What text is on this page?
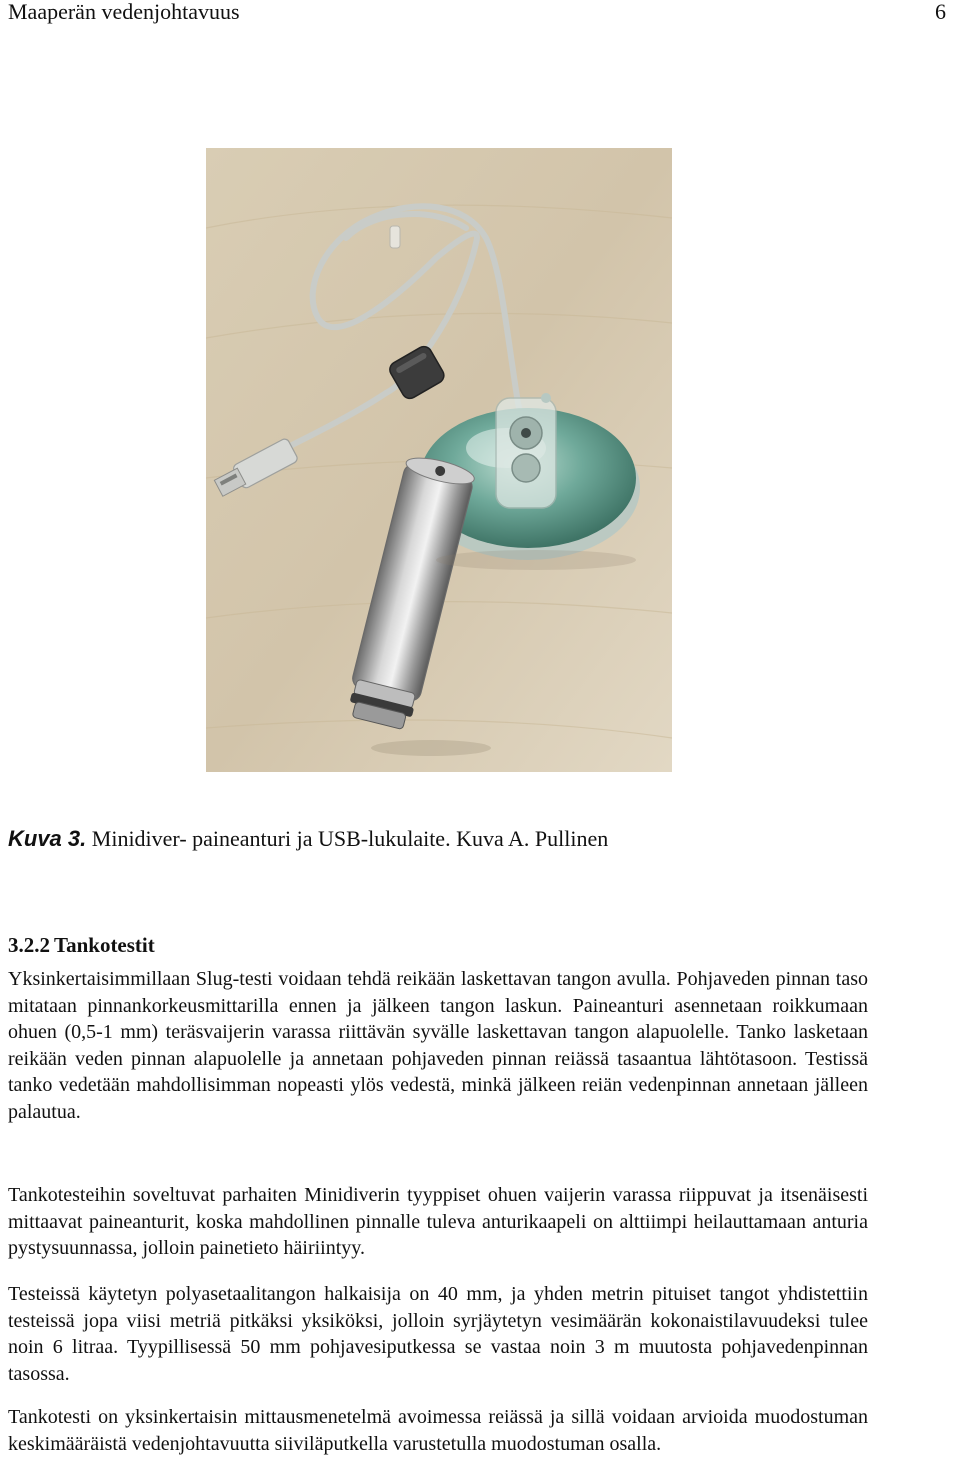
Maaperän vedenjohtavuus	6
Kuva 3. Minidiver- paineanturi ja USB-lukulaite. Kuva A. Pullinen
3.2.2 Tankotestit

Yksinkertaisimmillaan Slug-testi voidaan tehdä reikään laskettavan tangon avulla. Pohjaveden pinnan taso mitataan pinnankorkeusmittarilla ennen ja jälkeen tangon laskun. Paineanturi asennetaan roikkumaan ohuen (0,5-1 mm) teräsvaijerin varassa riittävän syvälle laskettavan tangon alapuolelle. Tanko lasketaan reikään veden pinnan alapuolelle ja annetaan pohjaveden pinnan reiässä tasaantua lähtötasoon. Testissä tanko vedetään mahdollisimman nopeasti ylös vedestä, minkä jälkeen reiän vedenpinnan annetaan jälleen palautua.

Tankotesteihin soveltuvat parhaiten Minidiverin tyyppiset ohuen vaijerin varassa riippuvat ja itsenäisesti mittaavat paineanturit, koska mahdollinen pinnalle tuleva anturikaapeli on alttiimpi heilauttamaan anturia pystysuunnassa, jolloin painetieto häiriintyy.

Testeissä käytetyn polyasetaalitangon halkaisija on 40 mm, ja yhden metrin pituiset tangot yhdistettiin testeissä jopa viisi metriä pitkäksi yksiköksi, jolloin syrjäytetyn vesimäärän kokonaistilavuudeksi tulee noin 6 litraa. Tyypillisessä 50 mm pohjavesiputkessa se vastaa noin 3 m muutosta pohjavedenpinnan tasossa.

Tankotesti on yksinkertaisin mittausmenetelmä avoimessa reiässä ja sillä voidaan arvioida muodostuman keskimääräistä vedenjohtavuutta siiviläputkella varustetulla muodostuman osalla.
